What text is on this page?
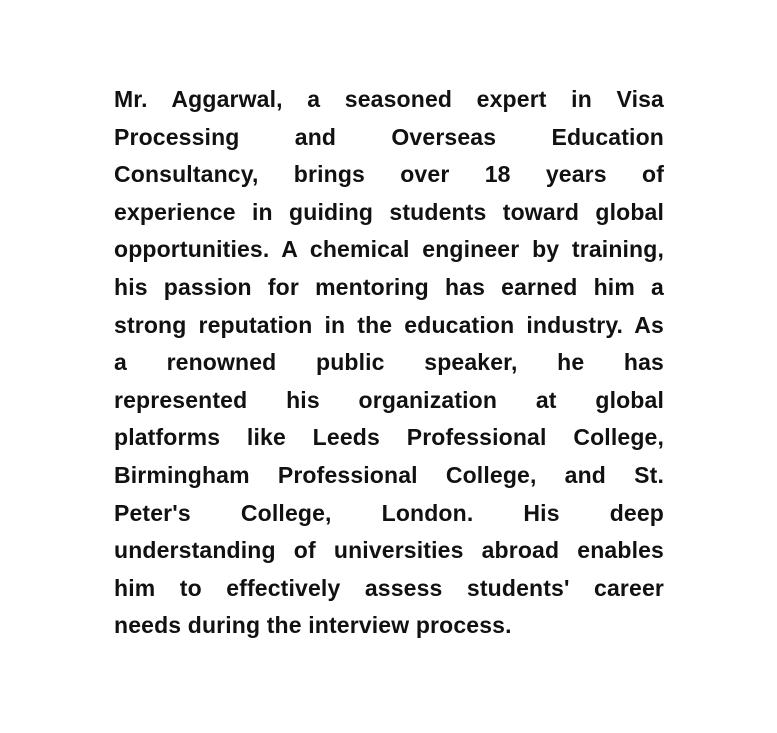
Mr. Aggarwal, a seasoned expert in Visa
Processing and Overseas Education
Consultancy, brings over 18 years of
experience in guiding students toward global
opportunities. A chemical engineer by training,
his passion for mentoring has earned him a
strong reputation in the education industry. As
a renowned public speaker, he has
represented his organization at global
platforms like Leeds Professional College,
Birmingham Professional College, and St.
Peter's College, London. His deep
understanding of universities abroad enables
him to effectively assess students' career
needs during the interview process.
